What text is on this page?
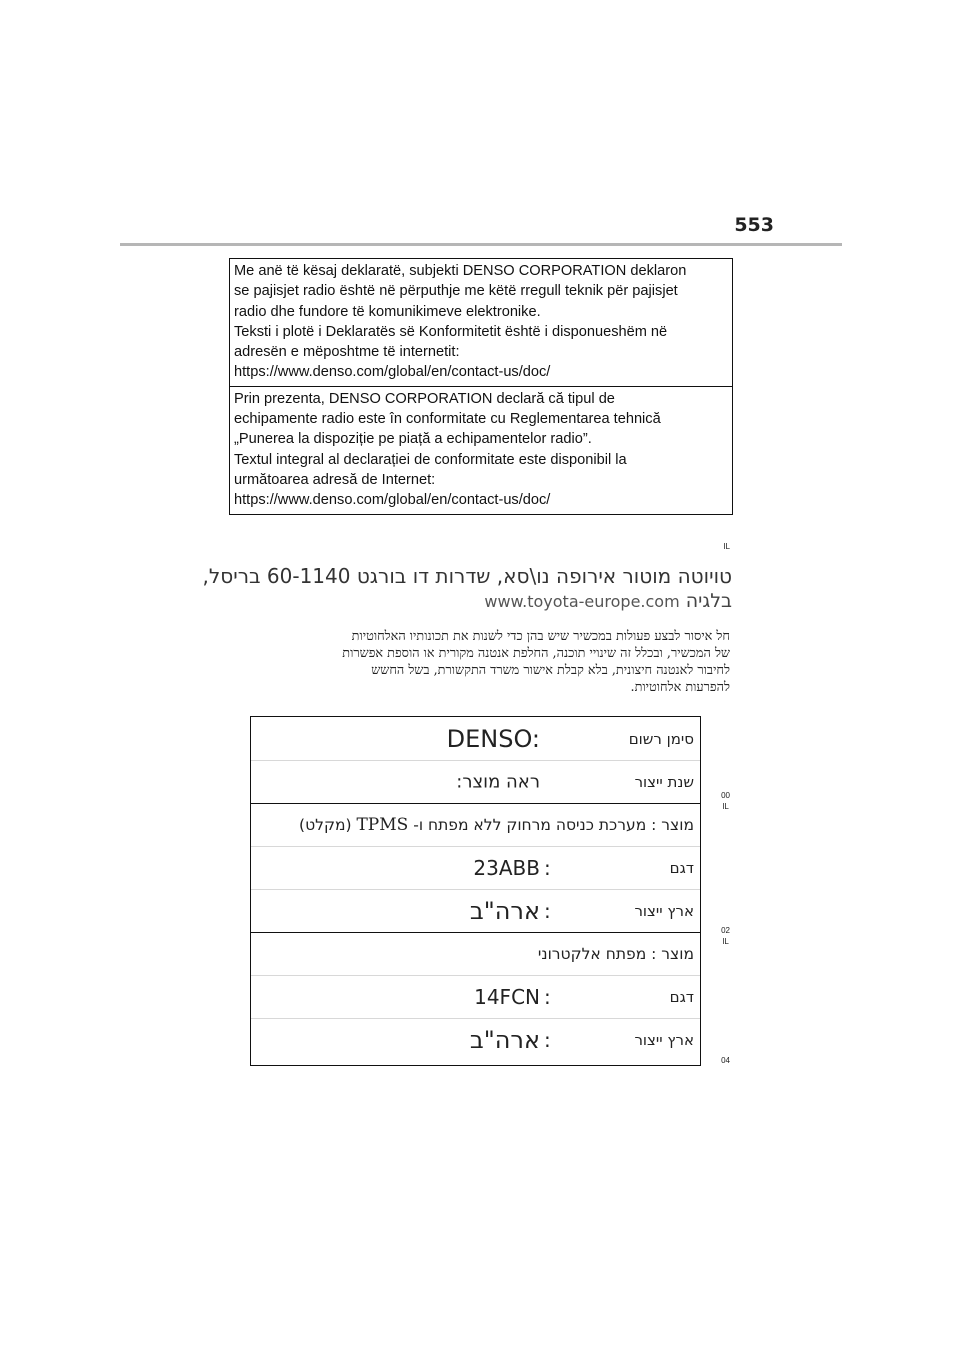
553
Me anë të kësaj deklaratë, subjekti DENSO CORPORATION deklaron
se pajisjet radio është në përputhje me këtë rregull teknik për pajisjet
radio dhe fundore të komunikimeve elektronike.
Teksti i plotë i Deklaratës së Konformitetit është i disponueshëm në
adresën e mëposhtme të internetit:
https://www.denso.com/global/en/contact-us/doc/
Prin prezenta, DENSO CORPORATION declară că tipul de
echipamente radio este în conformitate cu Reglementarea tehnică
„Punerea la dispoziție pe piață a echipamentelor radio”.
Textul integral al declarației de conformitate este disponibil la
următoarea adresă de Internet:
https://www.denso.com/global/en/contact-us/doc/
IL
טויוטה מוטור אירופה נו\סא, שדרות דו בורגט 60-1140 בריסל,
בלגיה www.toyota-europe.com
חל איסור לבצע פעולות במכשיר שיש בהן כדי לשנות את תכונותיו האלחוטיות
של המכשיר, ובכלל זה שינויי תוכנה, החלפת אנטנה מקורית או הוספת אפשרות
לחיבור לאנטנה חיצונית, בלא קבלת אישור משרד התקשורת, בשל החשש
להפרעות אלחוטיות.
סימן רשום
DENSO:
שנת ייצור
ראה מוצר:
מוצר : מערכת כניסה מרחוק ללא מפתח ו- TPMS (מקלט)
דגם
:
23ABB
ארץ ייצור
:
ארה"ב
מוצר : מפתח אלקטרוני
דגם
:
14FCN
ארץ ייצור
:
ארה"ב
00
IL
02
IL
04
